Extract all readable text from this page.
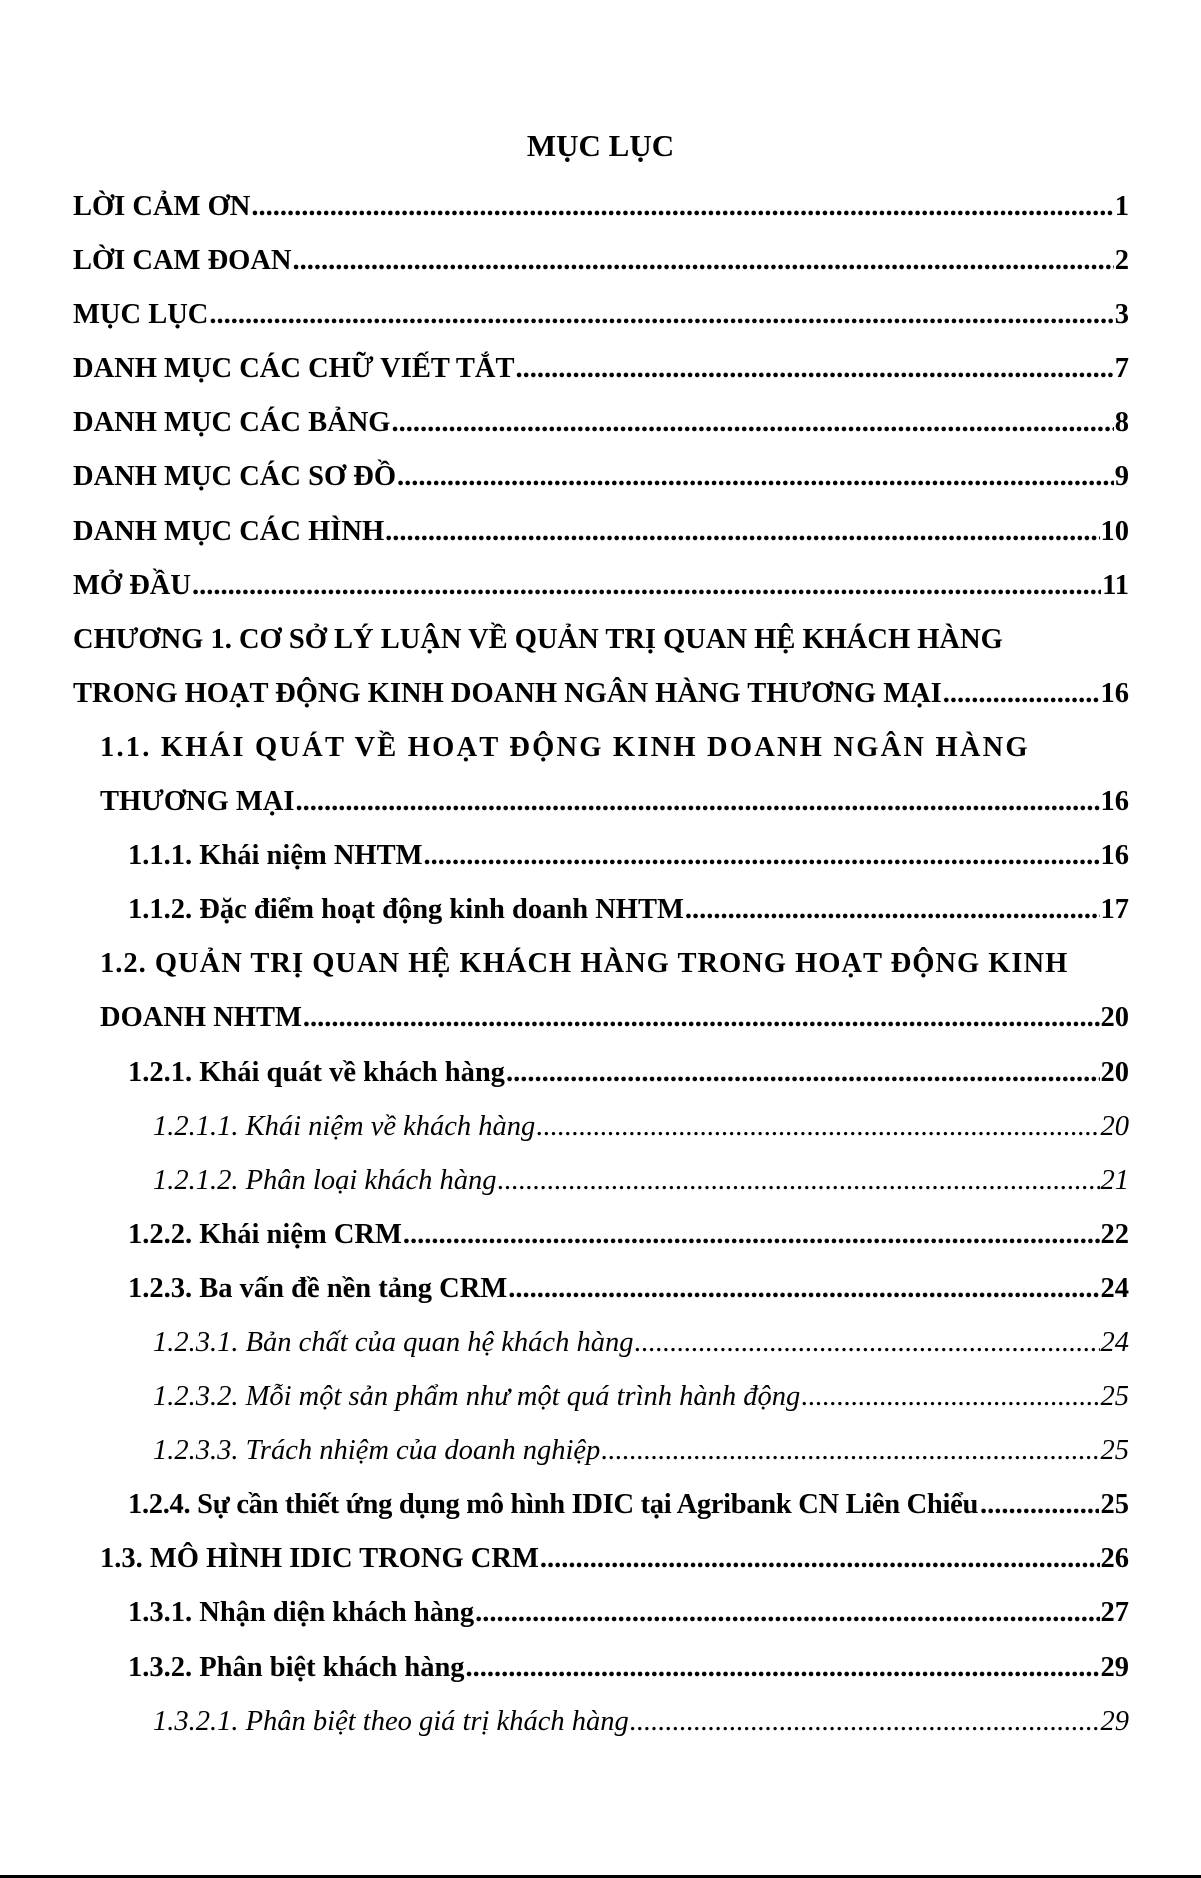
MỤC LỤC
LỜI CẢM ƠN .....	1
LỜI CAM ĐOAN .....	2
MỤC LỤC .....	3
DANH MỤC CÁC CHỮ VIẾT TẮT .....	7
DANH MỤC CÁC BẢNG .....	8
DANH MỤC CÁC SƠ ĐỒ .....	9
DANH MỤC CÁC HÌNH .....	10
MỞ ĐẦU .....	11
CHƯƠNG 1. CƠ SỞ LÝ LUẬN VỀ QUẢN TRỊ QUAN HỆ KHÁCH HÀNG
TRONG HOẠT ĐỘNG KINH DOANH NGÂN HÀNG THƯƠNG MẠI .....	16
1.1. KHÁI QUÁT VỀ HOẠT ĐỘNG KINH DOANH NGÂN HÀNG
THƯƠNG MẠI .....	16
1.1.1. Khái niệm NHTM .....	16
1.1.2. Đặc điểm hoạt động kinh doanh NHTM .....	17
1.2. QUẢN TRỊ QUAN HỆ KHÁCH HÀNG TRONG HOẠT ĐỘNG KINH
DOANH NHTM .....	20
1.2.1. Khái quát về khách hàng .....	20
1.2.1.1. Khái niệm về khách hàng .....	20
1.2.1.2. Phân loại khách hàng .....	21
1.2.2. Khái niệm CRM .....	22
1.2.3. Ba vấn đề nền tảng CRM .....	24
1.2.3.1. Bản chất của quan hệ khách hàng .....	24
1.2.3.2. Mỗi một sản phẩm như một quá trình hành động .....	25
1.2.3.3. Trách nhiệm của doanh nghiệp .....	25
1.2.4. Sự cần thiết ứng dụng mô hình IDIC tại Agribank CN Liên Chiểu .....	25
1.3. MÔ HÌNH IDIC TRONG CRM .....	26
1.3.1. Nhận diện khách hàng .....	27
1.3.2. Phân biệt khách hàng .....	29
1.3.2.1. Phân biệt theo giá trị khách hàng .....	29
